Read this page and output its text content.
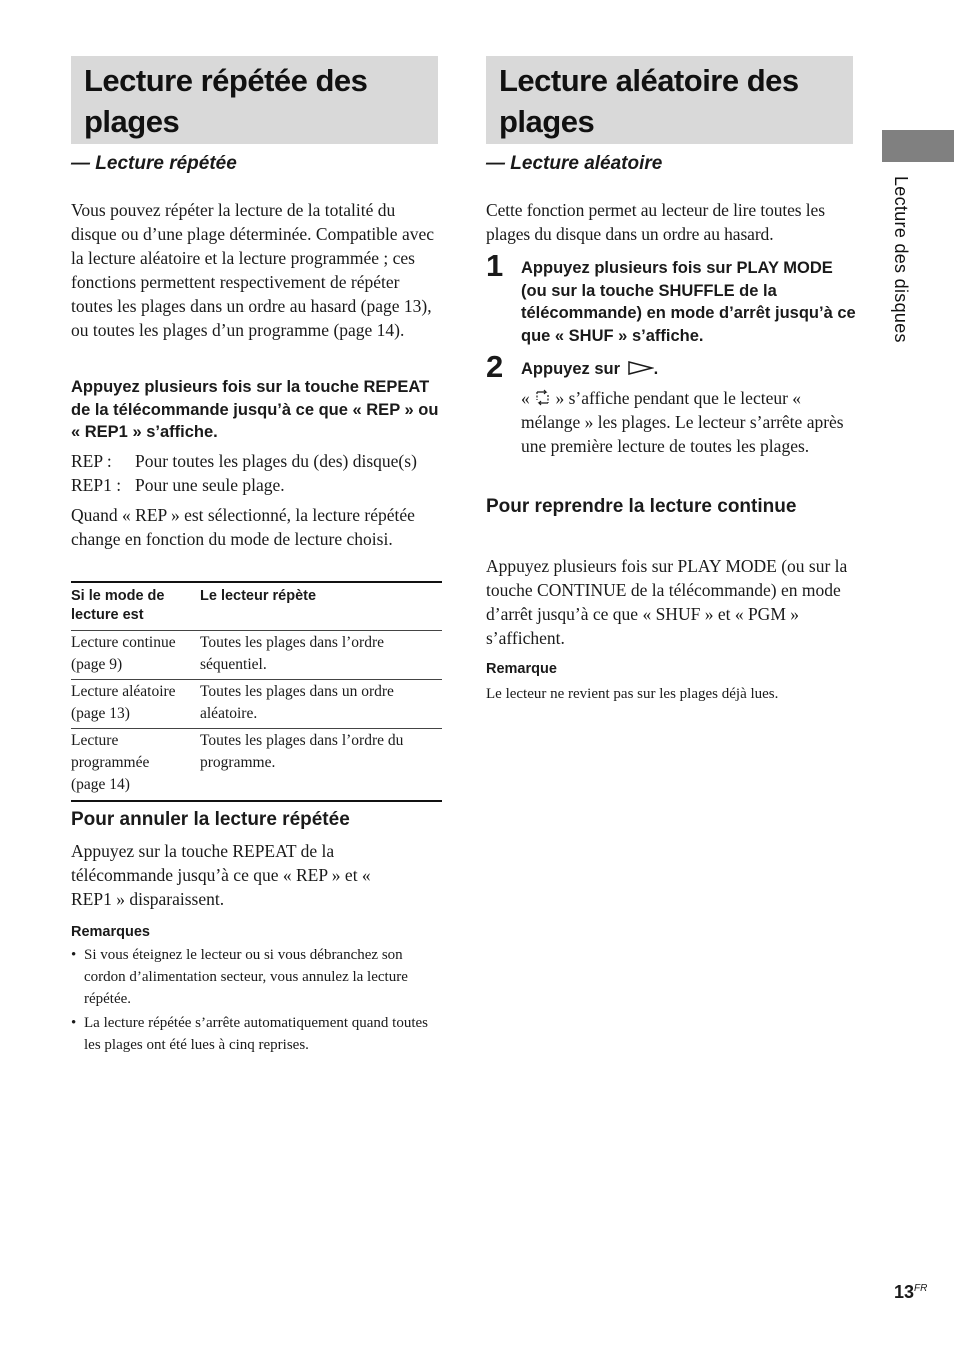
Lecture répétée des
plages
— Lecture répétée
Vous pouvez répéter la lecture de la totalité du disque ou d’une plage déterminée. Compatible avec la lecture aléatoire et la lecture programmée ; ces fonctions permettent respectivement de répéter toutes les plages dans un ordre au hasard (page 13), ou toutes les plages d’un programme (page 14).
Appuyez plusieurs fois sur la touche REPEAT de la télécommande jusqu’à ce que « REP » ou « REP1 » s’affiche.
REP :	Pour toutes les plages du (des) disque(s)
REP1 : Pour une seule plage.
Quand « REP » est sélectionné, la lecture répétée change en fonction du mode de lecture choisi.
Si le mode de lecture est	Le lecteur répète
Lecture continue (page 9)	Toutes les plages dans l’ordre séquentiel.
Lecture aléatoire (page 13)	Toutes les plages dans un ordre aléatoire.
Lecture programmée (page 14)	Toutes les plages dans l’ordre du programme.
Pour annuler la lecture répétée
Appuyez sur la touche REPEAT de la télécommande jusqu’à ce que « REP » et « REP1 » disparaissent.
Remarques
• Si vous éteignez le lecteur ou si vous débranchez son cordon d’alimentation secteur, vous annulez la lecture répétée.
• La lecture répétée s’arrête automatiquement quand toutes les plages ont été lues à cinq reprises.
Lecture aléatoire des
plages
— Lecture aléatoire
Cette fonction permet au lecteur de lire toutes les plages du disque dans un ordre au hasard.
1 Appuyez plusieurs fois sur PLAY MODE (ou sur la touche SHUFFLE de la télécommande) en mode d’arrêt jusqu’à ce que « SHUF » s’affiche.
2 Appuyez sur .
«  » s’affiche pendant que le lecteur « mélange » les plages. Le lecteur s’arrête après une première lecture de toutes les plages.
Pour reprendre la lecture continue
Appuyez plusieurs fois sur PLAY MODE (ou sur la touche CONTINUE de la télécommande) en mode d’arrêt jusqu’à ce que « SHUF » et « PGM » s’affichent.
Remarque
Le lecteur ne revient pas sur les plages déjà lues.
Lecture des disques
$13^{FR}$
